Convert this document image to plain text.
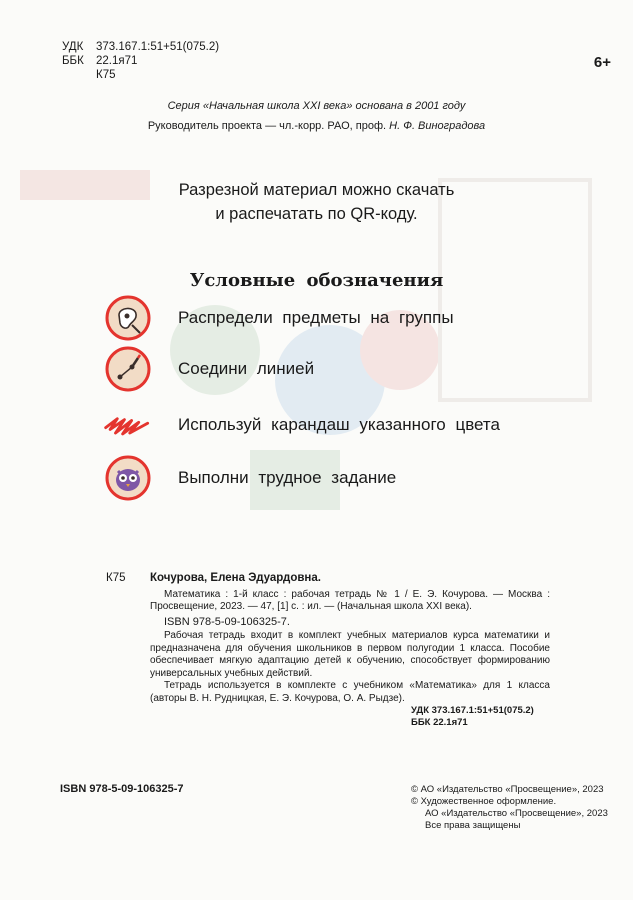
УДК 373.167.1:51+51(075.2)
ББК 22.1я71
К75
6+
Серия «Начальная школа XXI века» основана в 2001 году
Руководитель проекта — чл.-корр. РАО, проф. Н. Ф. Виноградова
Разрезной материал можно скачать
и распечатать по QR-коду.
Условные обозначения
Распредели предметы на группы
Соедини линией
Используй карандаш указанного цвета
Выполни трудное задание
К75 Кочурова, Елена Эдуардовна.

Математика : 1-й класс : рабочая тетрадь № 1 / Е. Э. Кочурова. — Москва : Просвещение, 2023. — 47, [1] с. : ил. — (Начальная школа XXI века).

ISBN 978-5-09-106325-7.

Рабочая тетрадь входит в комплект учебных материалов курса математики и предназначена для обучения школьников в первом полугодии 1 класса. Пособие обеспечивает мягкую адаптацию детей к обучению, способствует формированию универсальных учебных действий.

Тетрадь используется в комплекте с учебником «Математика» для 1 класса (авторы В. Н. Рудницкая, Е. Э. Кочурова, О. А. Рыдзе).

УДК 373.167.1:51+51(075.2)
ББК 22.1я71
ISBN 978-5-09-106325-7	© АО «Издательство «Просвещение», 2023
© Художественное оформление.
АО «Издательство «Просвещение», 2023
Все права защищены
